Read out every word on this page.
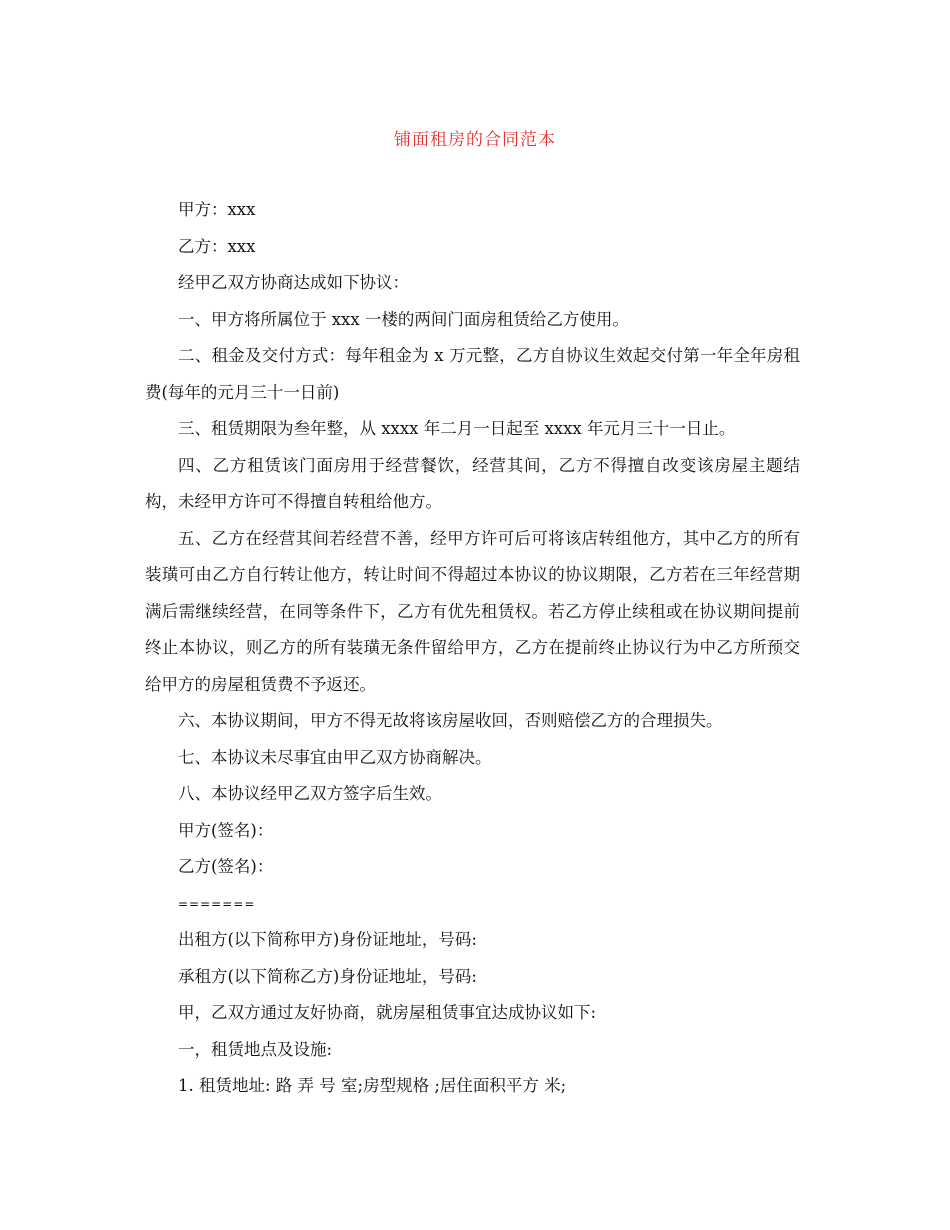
铺面租房的合同范本

甲方：xxx

乙方：xxx

经甲乙双方协商达成如下协议：

一、甲方将所属位于 xxx 一楼的两间门面房租赁给乙方使用。

二、租金及交付方式：每年租金为 x 万元整，乙方自协议生效起交付第一年全年房租费(每年的元月三十一日前)

三、租赁期限为叁年整，从 xxxx 年二月一日起至 xxxx 年元月三十一日止。

四、乙方租赁该门面房用于经营餐饮，经营其间，乙方不得擅自改变该房屋主题结构，未经甲方许可不得擅自转租给他方。

五、乙方在经营其间若经营不善，经甲方许可后可将该店转组他方，其中乙方的所有装璜可由乙方自行转让他方，转让时间不得超过本协议的协议期限，乙方若在三年经营期满后需继续经营，在同等条件下，乙方有优先租赁权。若乙方停止续租或在协议期间提前终止本协议，则乙方的所有装璜无条件留给甲方，乙方在提前终止协议行为中乙方所预交给甲方的房屋租赁费不予返还。

六、本协议期间，甲方不得无故将该房屋收回，否则赔偿乙方的合理损失。

七、本协议未尽事宜由甲乙双方协商解决。

八、本协议经甲乙双方签字后生效。

甲方(签名)：

乙方(签名)：

=======

出租方(以下简称甲方)身份证地址，号码:

承租方(以下简称乙方)身份证地址，号码:

甲，乙双方通过友好协商，就房屋租赁事宜达成协议如下:

一，租赁地点及设施:

1. 租赁地址: 路 弄 号 室;房型规格 ;居住面积平方 米;
